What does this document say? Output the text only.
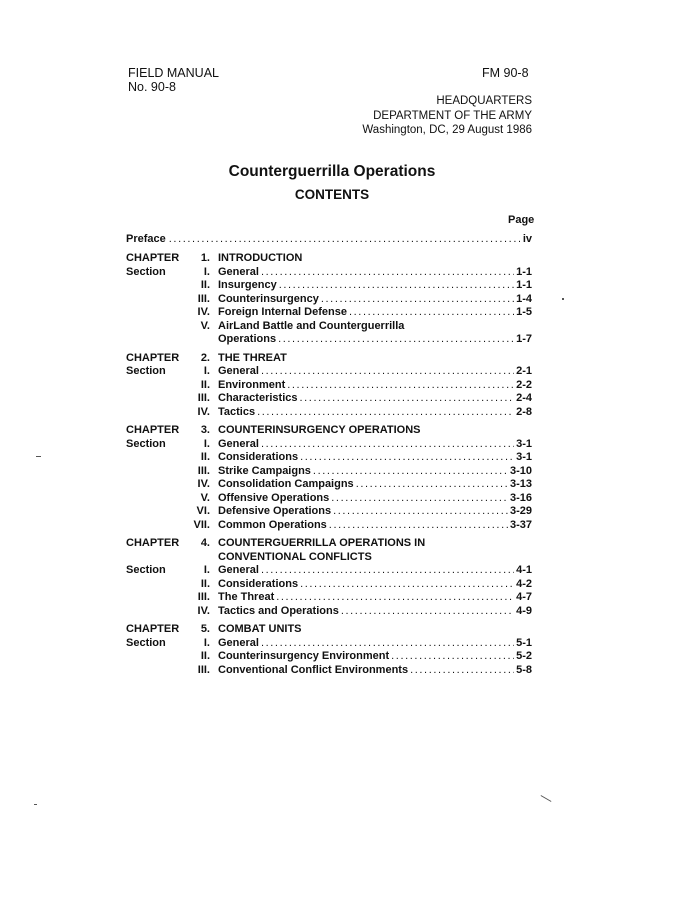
FIELD MANUAL
No. 90-8
FM 90-8
HEADQUARTERS
DEPARTMENT OF THE ARMY
Washington, DC, 29 August 1986
Counterguerrilla Operations
CONTENTS
Page
Preface .....	iv
CHAPTER	1. INTRODUCTION
Section	I. General .....	1-1
II. Insurgency .....	1-1
III. Counterinsurgency .....	1-4
IV. Foreign Internal Defense .....	1-5
V. AirLand Battle and Counterguerrilla
Operations .....	1-7
CHAPTER	2. THE THREAT
Section	I. General .....	2-1
II. Environment .....	2-2
III. Characteristics .....	2-4
IV. Tactics .....	2-8
CHAPTER	3. COUNTERINSURGENCY OPERATIONS
Section	I. General .....	3-1
II. Considerations .....	3-1
III. Strike Campaigns .....	3-10
IV. Consolidation Campaigns .....	3-13
V. Offensive Operations .....	3-16
VI. Defensive Operations .....	3-29
VII. Common Operations .....	3-37
CHAPTER	4. COUNTERGUERRILLA OPERATIONS IN
CONVENTIONAL CONFLICTS
Section	I. General .....	4-1
II. Considerations .....	4-2
III. The Threat .....	4-7
IV. Tactics and Operations .....	4-9
CHAPTER	5. COMBAT UNITS
Section	I. General .....	5-1
II. Counterinsurgency Environment .....	5-2
III. Conventional Conflict Environments .....	5-8
